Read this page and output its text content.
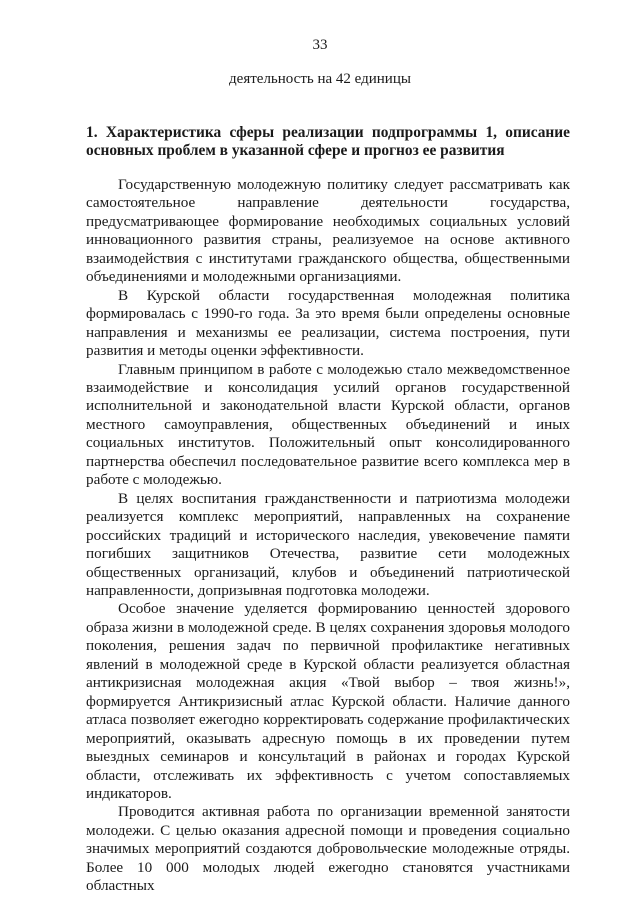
33
деятельность на 42 единицы
1. Характеристика сферы реализации подпрограммы 1, описание основных проблем в указанной сфере и прогноз ее развития

Государственную молодежную политику следует рассматривать как самостоятельное направление деятельности государства, предусматривающее формирование необходимых социальных условий инновационного развития страны, реализуемое на основе активного взаимодействия с институтами гражданского общества, общественными объединениями и молодежными организациями.

В Курской области государственная молодежная политика формировалась с 1990-го года. За это время были определены основные направления и механизмы ее реализации, система построения, пути развития и методы оценки эффективности.

Главным принципом в работе с молодежью стало межведомственное взаимодействие и консолидация усилий органов государственной исполнительной и законодательной власти Курской области, органов местного самоуправления, общественных объединений и иных социальных институтов. Положительный опыт консолидированного партнерства обеспечил последовательное развитие всего комплекса мер в работе с молодежью.

В целях воспитания гражданственности и патриотизма молодежи реализуется комплекс мероприятий, направленных на сохранение российских традиций и исторического наследия, увековечение памяти погибших защитников Отечества, развитие сети молодежных общественных организаций, клубов и объединений патриотической направленности, допризывная подготовка молодежи.

Особое значение уделяется формированию ценностей здорового образа жизни в молодежной среде. В целях сохранения здоровья молодого поколения, решения задач по первичной профилактике негативных явлений в молодежной среде в Курской области реализуется областная антикризисная молодежная акция «Твой выбор – твоя жизнь!», формируется Антикризисный атлас Курской области. Наличие данного атласа позволяет ежегодно корректировать содержание профилактических мероприятий, оказывать адресную помощь в их проведении путем выездных семинаров и консультаций в районах и городах Курской области, отслеживать их эффективность с учетом сопоставляемых индикаторов.

Проводится активная работа по организации временной занятости молодежи. С целью оказания адресной помощи и проведения социально значимых мероприятий создаются добровольческие молодежные отряды. Более 10 000 молодых людей ежегодно становятся участниками областных
